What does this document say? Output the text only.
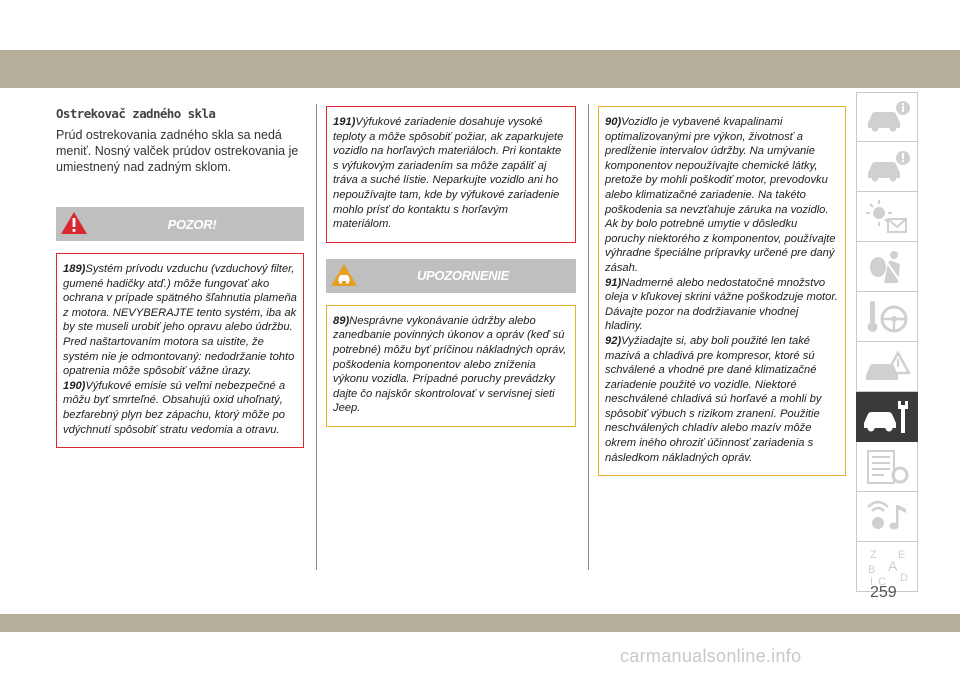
Ostrekovač zadného skla

Prúd ostrekovania zadného skla sa nedá meniť. Nosný valček prúdov ostrekovania je umiestnený nad zadným sklom.

POZOR!

189)Systém prívodu vzduchu (vzduchový filter, gumené hadičky atď.) môže fungovať ako ochrana v prípade spätného šľahnutia plameňa z motora. NEVYBERAJTE tento systém, iba ak by ste museli urobiť jeho opravu alebo údržbu. Pred naštartovaním motora sa uistite, že systém nie je odmontovaný: nedodržanie tohto opatrenia môže spôsobiť vážne úrazy.

190)Výfukové emisie sú veľmi nebezpečné a môžu byť smrteľné. Obsahujú oxid uhoľnatý, bezfarebný plyn bez zápachu, ktorý môže po vdýchnutí spôsobiť stratu vedomia a otravu.

191)Výfukové zariadenie dosahuje vysoké teploty a môže spôsobiť požiar, ak zaparkujete vozidlo na horľavých materiáloch. Pri kontakte s výfukovým zariadením sa môže zapáliť aj tráva a suché lístie. Neparkujte vozidlo ani ho nepoužívajte tam, kde by výfukové zariadenie mohlo prísť do kontaktu s horľavým materiálom.

UPOZORNENIE

89)Nesprávne vykonávanie údržby alebo zanedbanie povinných úkonov a opráv (keď sú potrebné) môžu byť príčinou nákladných opráv, poškodenia komponentov alebo zníženia výkonu vozidla. Prípadné poruchy prevádzky dajte čo najskôr skontrolovať v servisnej sieti Jeep.

90)Vozidlo je vybavené kvapalinami optimalizovanými pre výkon, životnosť a predĺženie intervalov údržby. Na umývanie komponentov nepoužívajte chemické látky, pretože by mohli poškodiť motor, prevodovku alebo klimatizačné zariadenie. Na takéto poškodenia sa nevzťahuje záruka na vozidlo. Ak by bolo potrebné umytie v dôsledku poruchy niektorého z komponentov, používajte výhradne špeciálne prípravky určené pre daný zásah.

91)Nadmerné alebo nedostatočné množstvo oleja v kľukovej skrini vážne poškodzuje motor. Dávajte pozor na dodržiavanie vhodnej hladiny.

92)Vyžiadajte si, aby boli použité len také mazivá a chladivá pre kompresor, ktoré sú schválené a vhodné pre dané klimatizačné zariadenie použité vo vozidle. Niektoré neschválené chladivá sú horľavé a mohli by spôsobiť výbuch s rizikom zranení. Použitie neschválených chladív alebo mazív môže okrem iného ohroziť účinnosť zariadenia s následkom nákladných opráv.

Z E
A
B
C D
I
259
carmanualsonline.info
